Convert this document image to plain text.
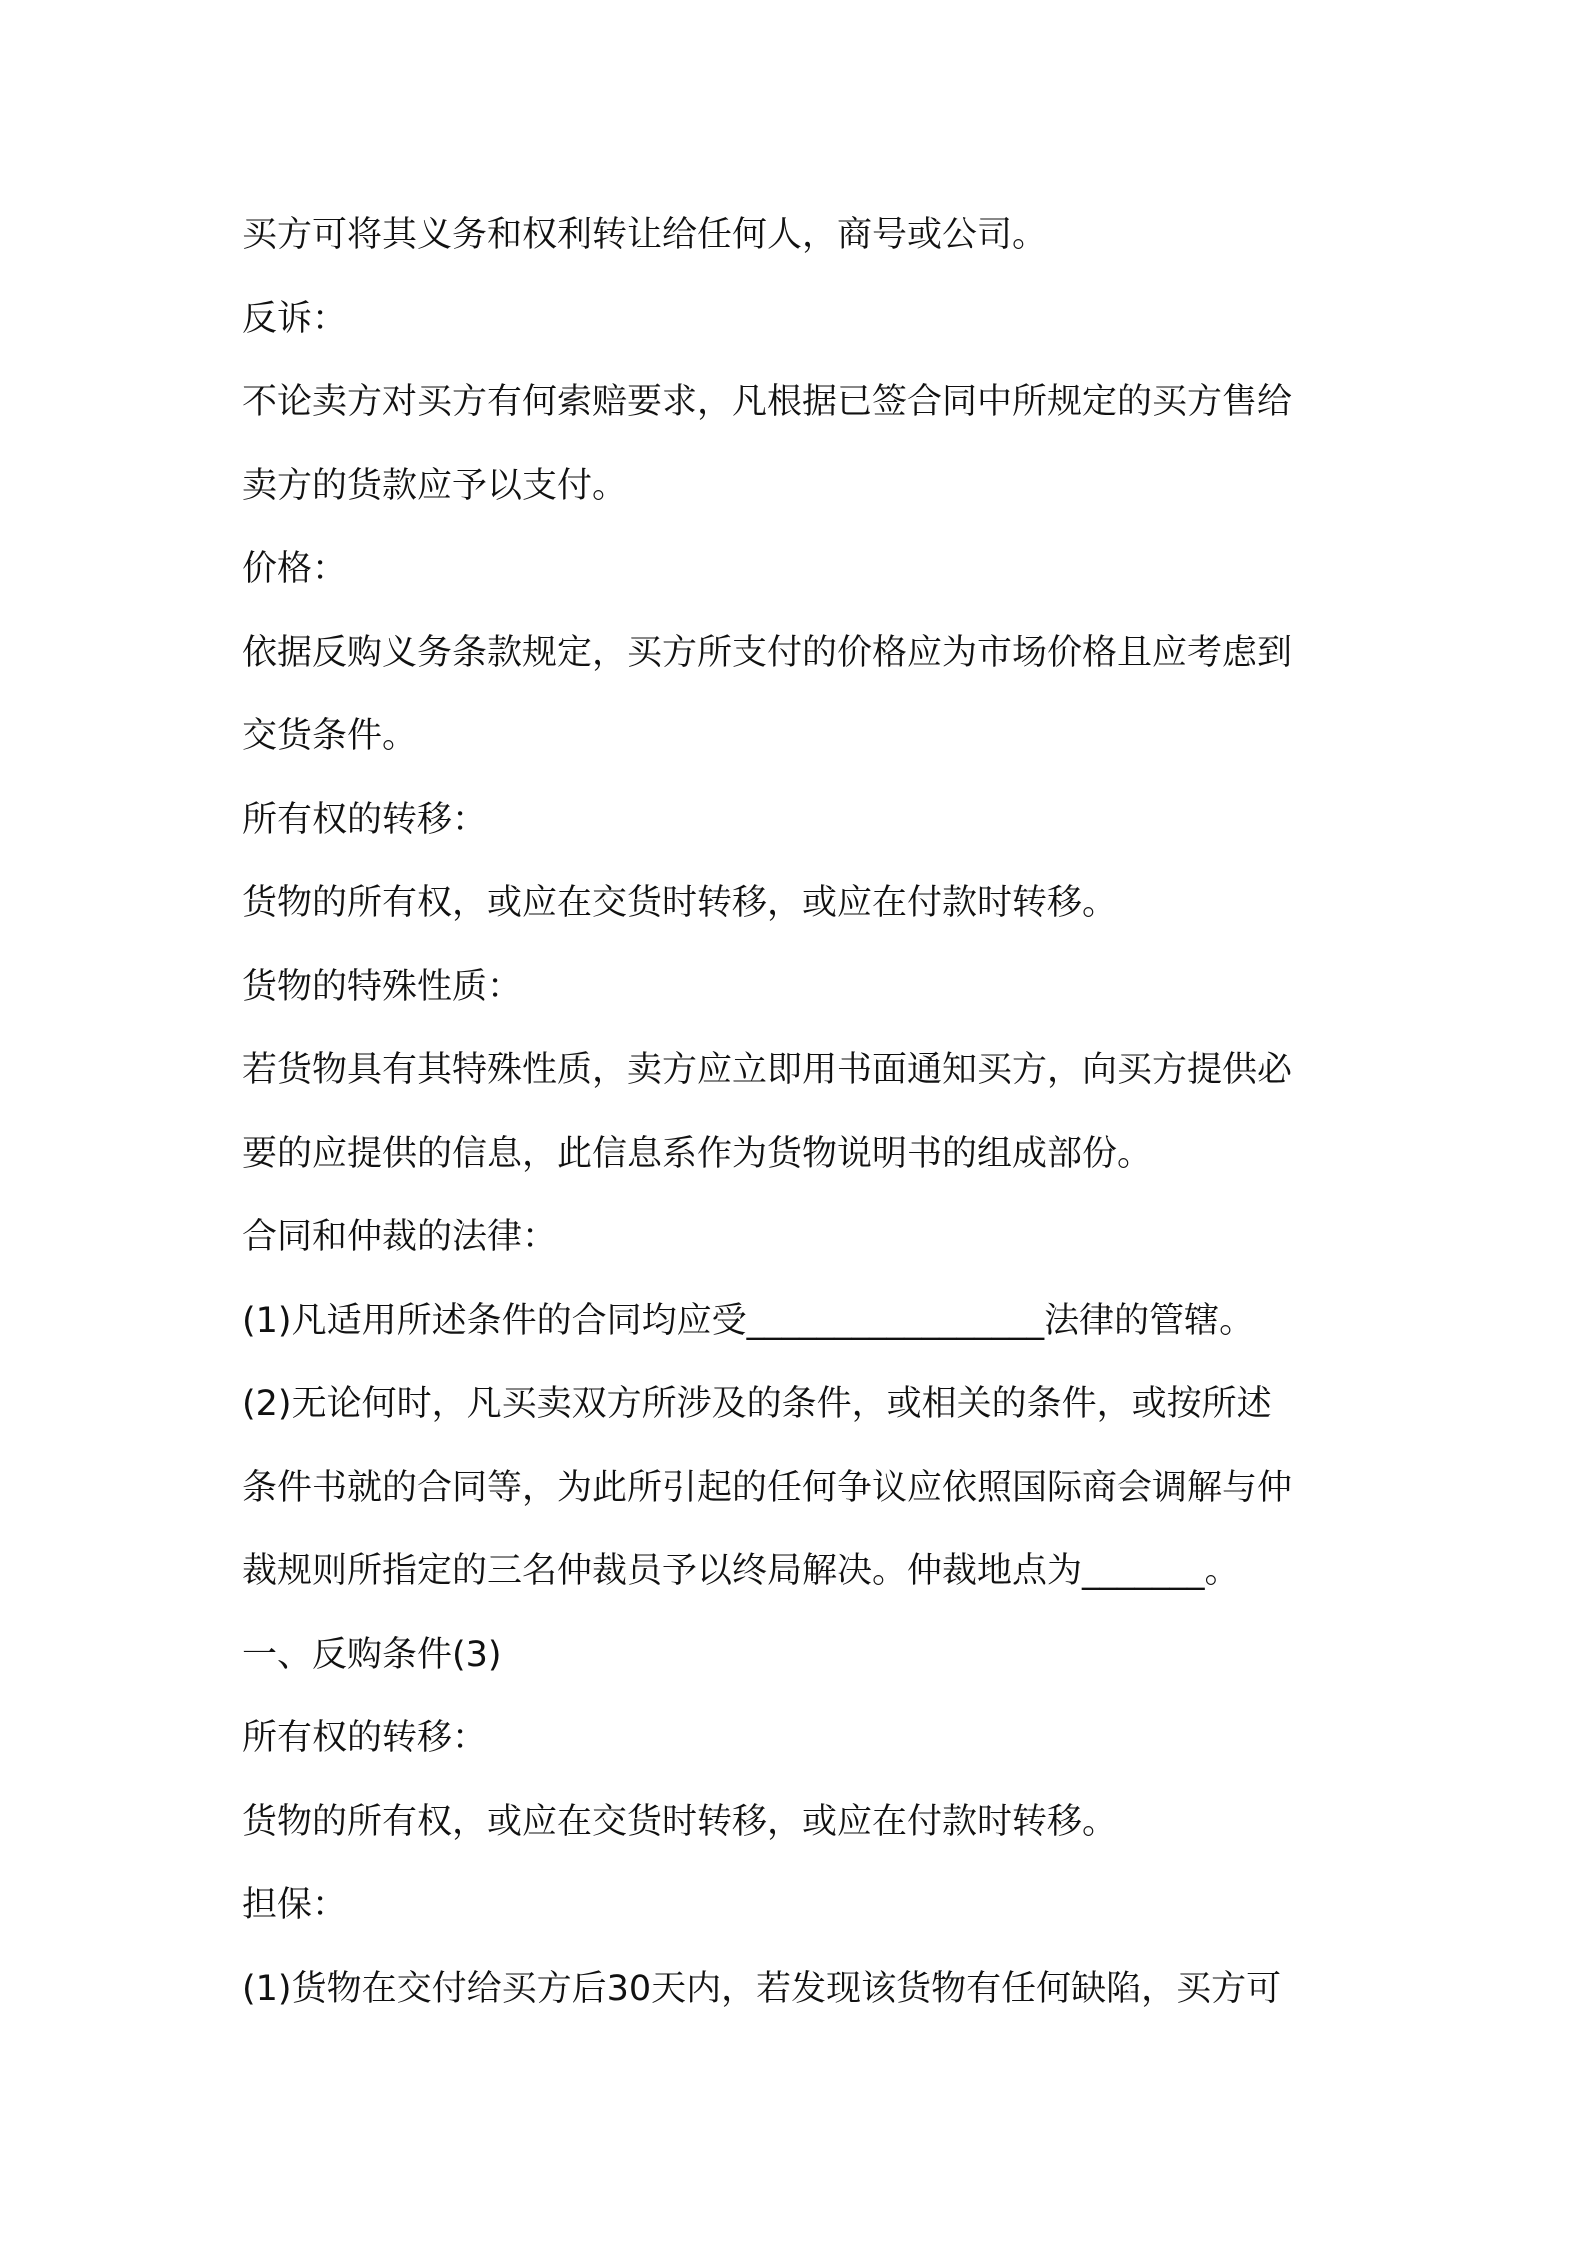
买方可将其义务和权利转让给任何人，商号或公司。
反诉：
不论卖方对买方有何索赔要求，凡根据已签合同中所规定的买方售给
卖方的货款应予以支付。
价格：
依据反购义务条款规定，买方所支付的价格应为市场价格且应考虑到
交货条件。
所有权的转移：
货物的所有权，或应在交货时转移，或应在付款时转移。
货物的特殊性质：
若货物具有其特殊性质，卖方应立即用书面通知买方，向买方提供必
要的应提供的信息，此信息系作为货物说明书的组成部份。
合同和仲裁的法律：
(1)凡适用所述条件的合同均应受_________________法律的管辖。
(2)无论何时，凡买卖双方所涉及的条件，或相关的条件，或按所述
条件书就的合同等，为此所引起的任何争议应依照国际商会调解与仲
裁规则所指定的三名仲裁员予以终局解决。仲裁地点为_______。
一、反购条件(3)
所有权的转移：
货物的所有权，或应在交货时转移，或应在付款时转移。
担保：
(1)货物在交付给买方后30天内，若发现该货物有任何缺陷，买方可
